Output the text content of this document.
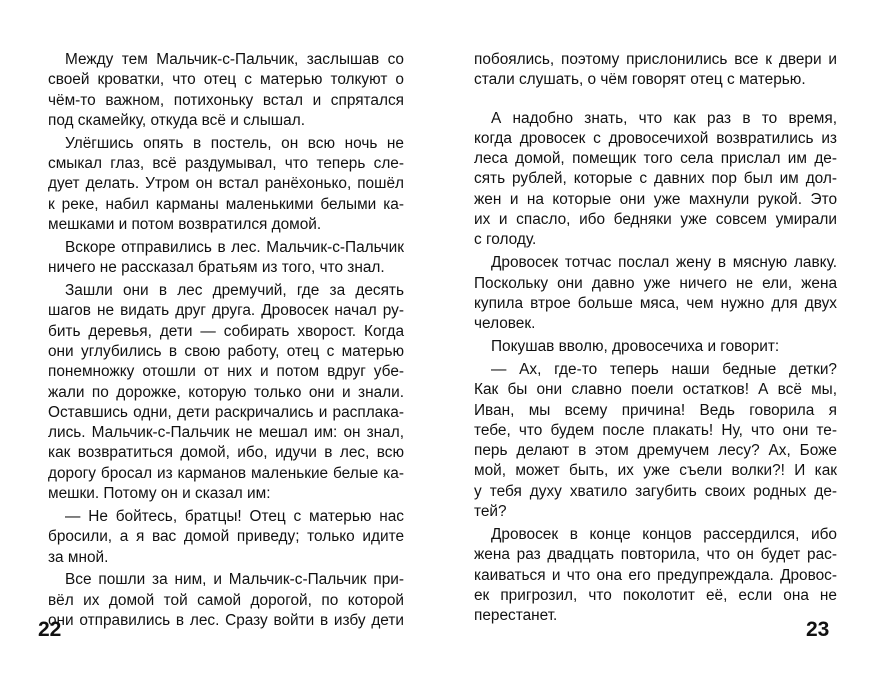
Между тем Мальчик-с-Пальчик, заслышав со
своей кроватки, что отец с матерью толкуют о
чём-то важном, потихоньку встал и спрятался
под скамейку, откуда всё и слышал.

Улёгшись опять в постель, он всю ночь не
смыкал глаз, всё раздумывал, что теперь сле-
дует делать. Утром он встал ранёхонько, пошёл
к реке, набил карманы маленькими белыми ка-
мешками и потом возвратился домой.

Вскоре отправились в лес. Мальчик-с-Пальчик
ничего не рассказал братьям из того, что знал.

Зашли они в лес дремучий, где за десять
шагов не видать друг друга. Дровосек начал ру-
бить деревья, дети — собирать хворост. Когда
они углубились в свою работу, отец с матерью
понемножку отошли от них и потом вдруг убе-
жали по дорожке, которую только они и знали.
Оставшись одни, дети раскричались и расплака-
лись. Мальчик-с-Пальчик не мешал им: он знал,
как возвратиться домой, ибо, идучи в лес, всю
дорогу бросал из карманов маленькие белые ка-
мешки. Потому он и сказал им:

— Не бойтесь, братцы! Отец с матерью нас
бросили, а я вас домой приведу; только идите
за мной.

Все пошли за ним, и Мальчик-с-Пальчик при-
вёл их домой той самой дорогой, по которой
они отправились в лес. Сразу войти в избу дети

22

побоялись, поэтому прислонились все к двери и
стали слушать, о чём говорят отец с матерью.

А надобно знать, что как раз в то время,
когда дровосек с дровосечихой возвратились из
леса домой, помещик того села прислал им де-
сять рублей, которые с давних пор был им дол-
жен и на которые они уже махнули рукой. Это
их и спасло, ибо бедняки уже совсем умирали
с голоду.

Дровосек тотчас послал жену в мясную лавку.
Поскольку они давно уже ничего не ели, жена
купила втрое больше мяса, чем нужно для двух
человек.

Покушав вволю, дровосечиха и говорит:

— Ах, где-то теперь наши бедные детки?
Как бы они славно поели остатков! А всё мы,
Иван, мы всему причина! Ведь говорила я
тебе, что будем после плакать! Ну, что они те-
перь делают в этом дремучем лесу? Ах, Боже
мой, может быть, их уже съели волки?! И как
у тебя духу хватило загубить своих родных де-
тей?

Дровосек в конце концов рассердился, ибо
жена раз двадцать повторила, что он будет рас-
каиваться и что она его предупреждала. Дровос-
ек пригрозил, что поколотит её, если она не
перестанет.

23
